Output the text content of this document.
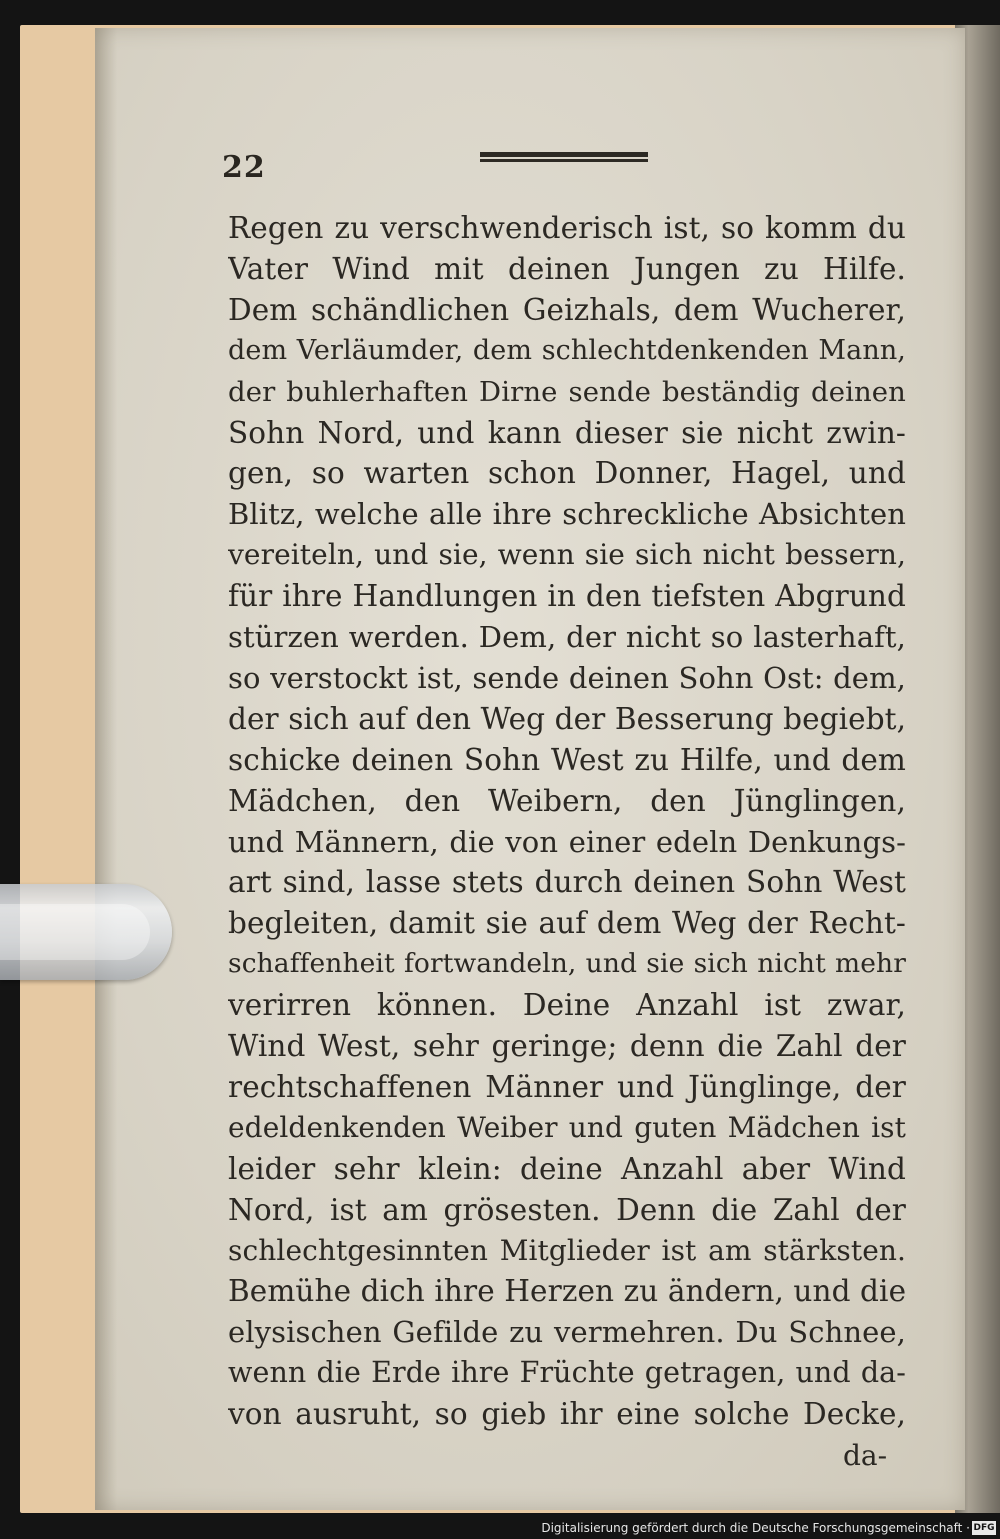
22
Regen zu verschwenderisch ist, so komm du
Vater Wind mit deinen Jungen zu Hilfe.
Dem schändlichen Geizhals, dem Wucherer,
dem Verläumder, dem schlechtdenkenden Mann,
der buhlerhaften Dirne sende beständig deinen
Sohn Nord, und kann dieser sie nicht zwin-
gen, so warten schon Donner, Hagel, und
Blitz, welche alle ihre schreckliche Absichten
vereiteln, und sie, wenn sie sich nicht bessern,
für ihre Handlungen in den tiefsten Abgrund
stürzen werden. Dem, der nicht so lasterhaft,
so verstockt ist, sende deinen Sohn Ost: dem,
der sich auf den Weg der Besserung begiebt,
schicke deinen Sohn West zu Hilfe, und dem
Mädchen, den Weibern, den Jünglingen,
und Männern, die von einer edeln Denkungs-
art sind, lasse stets durch deinen Sohn West
begleiten, damit sie auf dem Weg der Recht-
schaffenheit fortwandeln, und sie sich nicht mehr
verirren können. Deine Anzahl ist zwar,
Wind West, sehr geringe; denn die Zahl der
rechtschaffenen Männer und Jünglinge, der
edeldenkenden Weiber und guten Mädchen ist
leider sehr klein: deine Anzahl aber Wind
Nord, ist am grösesten. Denn die Zahl der
schlechtgesinnten Mitglieder ist am stärksten.
Bemühe dich ihre Herzen zu ändern, und die
elysischen Gefilde zu vermehren. Du Schnee,
wenn die Erde ihre Früchte getragen, und da-
von ausruht, so gieb ihr eine solche Decke,
da-
Digitalisierung gefördert durch die Deutsche Forschungsgemeinschaft · DFG
